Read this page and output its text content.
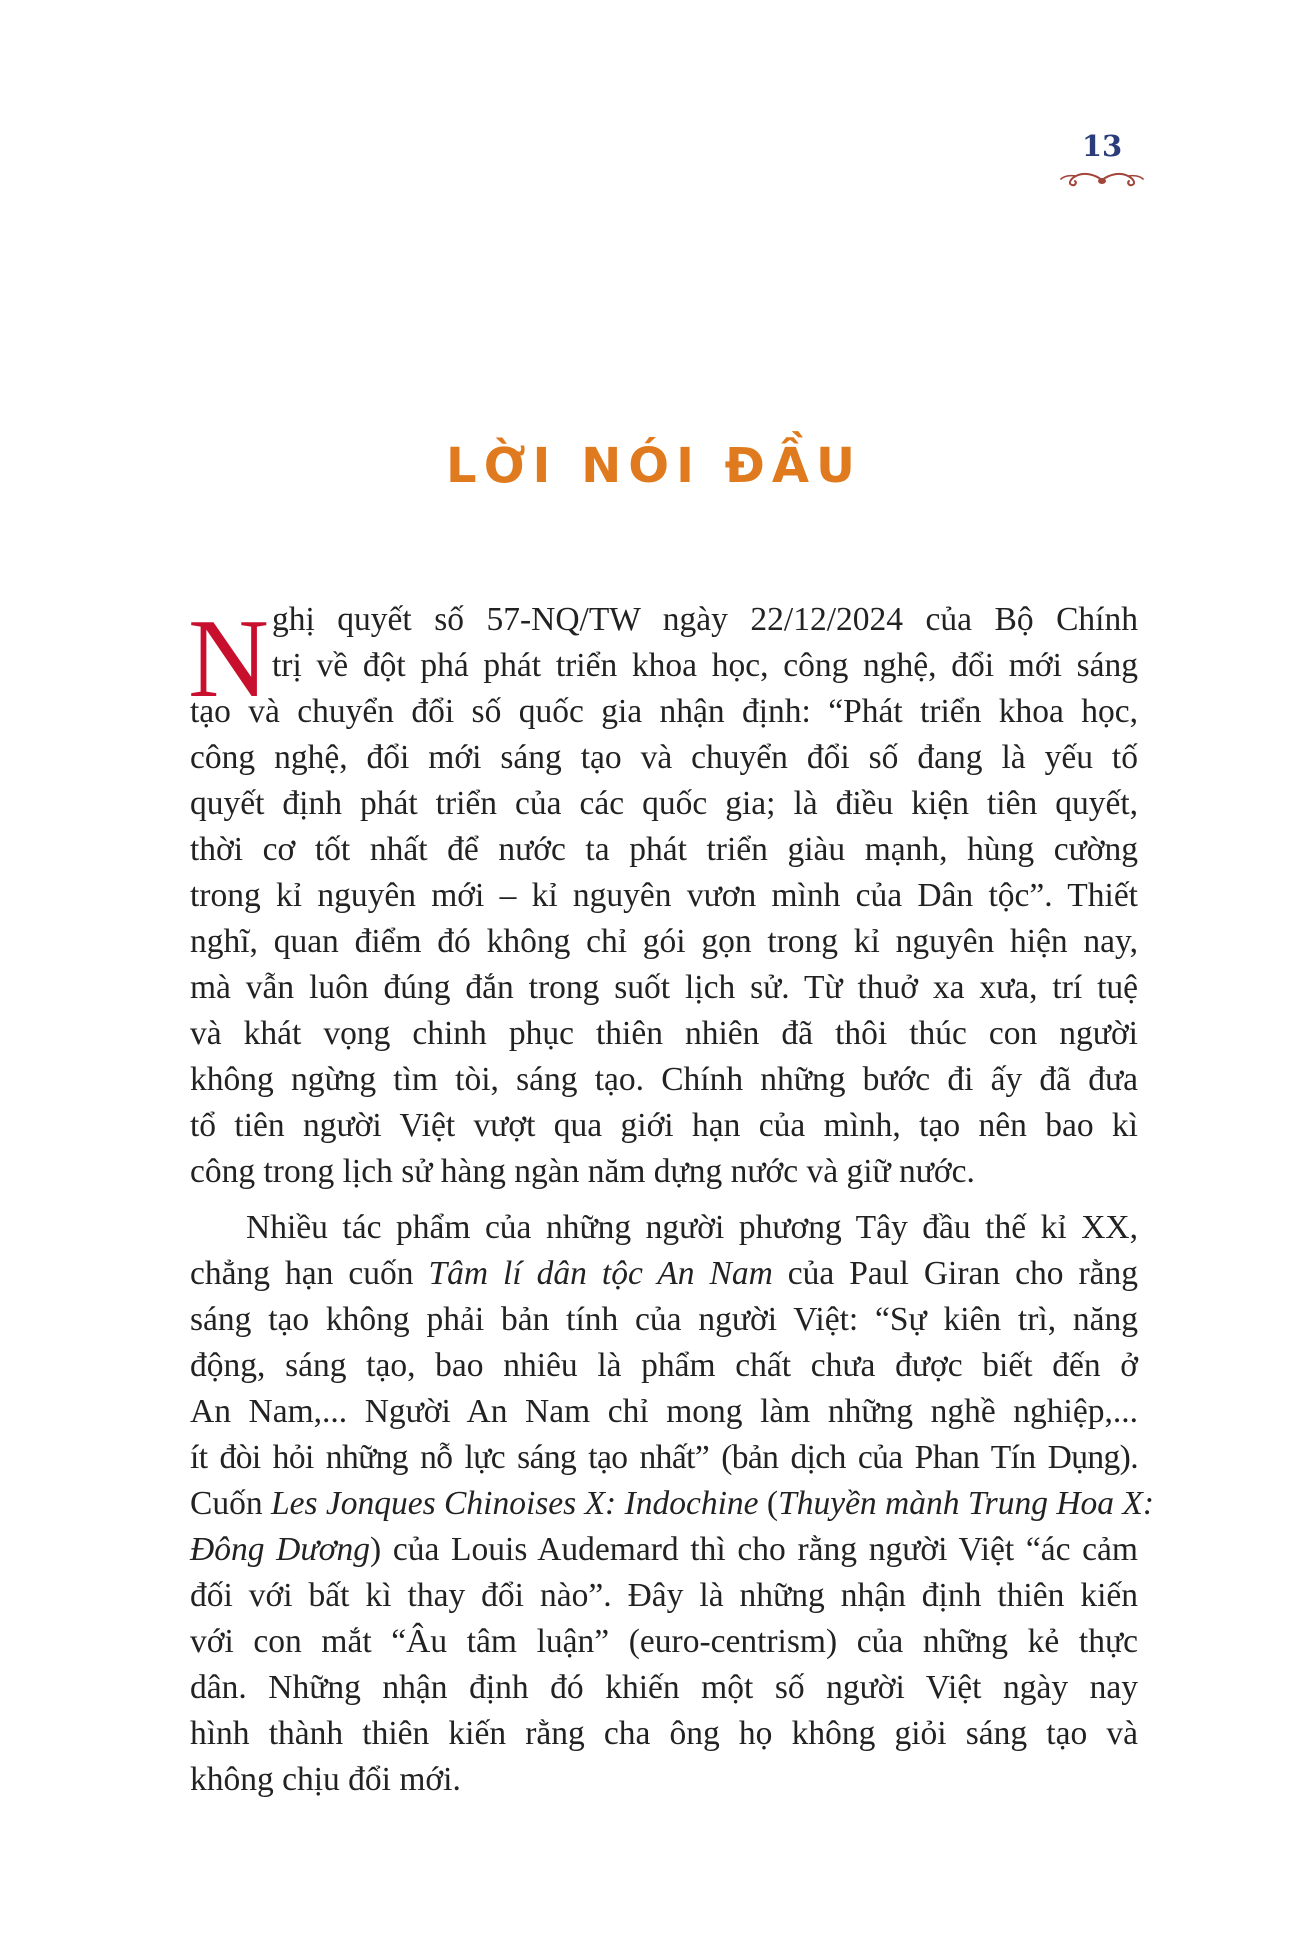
13
LỜI NÓI ĐẦU
N ghị quyết số 57-NQ/TW ngày 22/12/2024 của Bộ Chính
trị về đột phá phát triển khoa học, công nghệ, đổi mới sáng
tạo và chuyển đổi số quốc gia nhận định: “Phát triển khoa học,
công nghệ, đổi mới sáng tạo và chuyển đổi số đang là yếu tố
quyết định phát triển của các quốc gia; là điều kiện tiên quyết,
thời cơ tốt nhất để nước ta phát triển giàu mạnh, hùng cường
trong kỉ nguyên mới – kỉ nguyên vươn mình của Dân tộc”. Thiết
nghĩ, quan điểm đó không chỉ gói gọn trong kỉ nguyên hiện nay,
mà vẫn luôn đúng đắn trong suốt lịch sử. Từ thuở xa xưa, trí tuệ
và khát vọng chinh phục thiên nhiên đã thôi thúc con người
không ngừng tìm tòi, sáng tạo. Chính những bước đi ấy đã đưa
tổ tiên người Việt vượt qua giới hạn của mình, tạo nên bao kì
công trong lịch sử hàng ngàn năm dựng nước và giữ nước.
Nhiều tác phẩm của những người phương Tây đầu thế kỉ XX,
chẳng hạn cuốn Tâm lí dân tộc An Nam của Paul Giran cho rằng
sáng tạo không phải bản tính của người Việt: “Sự kiên trì, năng
động, sáng tạo, bao nhiêu là phẩm chất chưa được biết đến ở
An Nam,... Người An Nam chỉ mong làm những nghề nghiệp,...
ít đòi hỏi những nỗ lực sáng tạo nhất” (bản dịch của Phan Tín Dụng).
Cuốn Les Jonques Chinoises X: Indochine (Thuyền mành Trung Hoa X:
Đông Dương) của Louis Audemard thì cho rằng người Việt “ác cảm
đối với bất kì thay đổi nào”. Đây là những nhận định thiên kiến
với con mắt “Âu tâm luận” (euro-centrism) của những kẻ thực
dân. Những nhận định đó khiến một số người Việt ngày nay
hình thành thiên kiến rằng cha ông họ không giỏi sáng tạo và
không chịu đổi mới.
